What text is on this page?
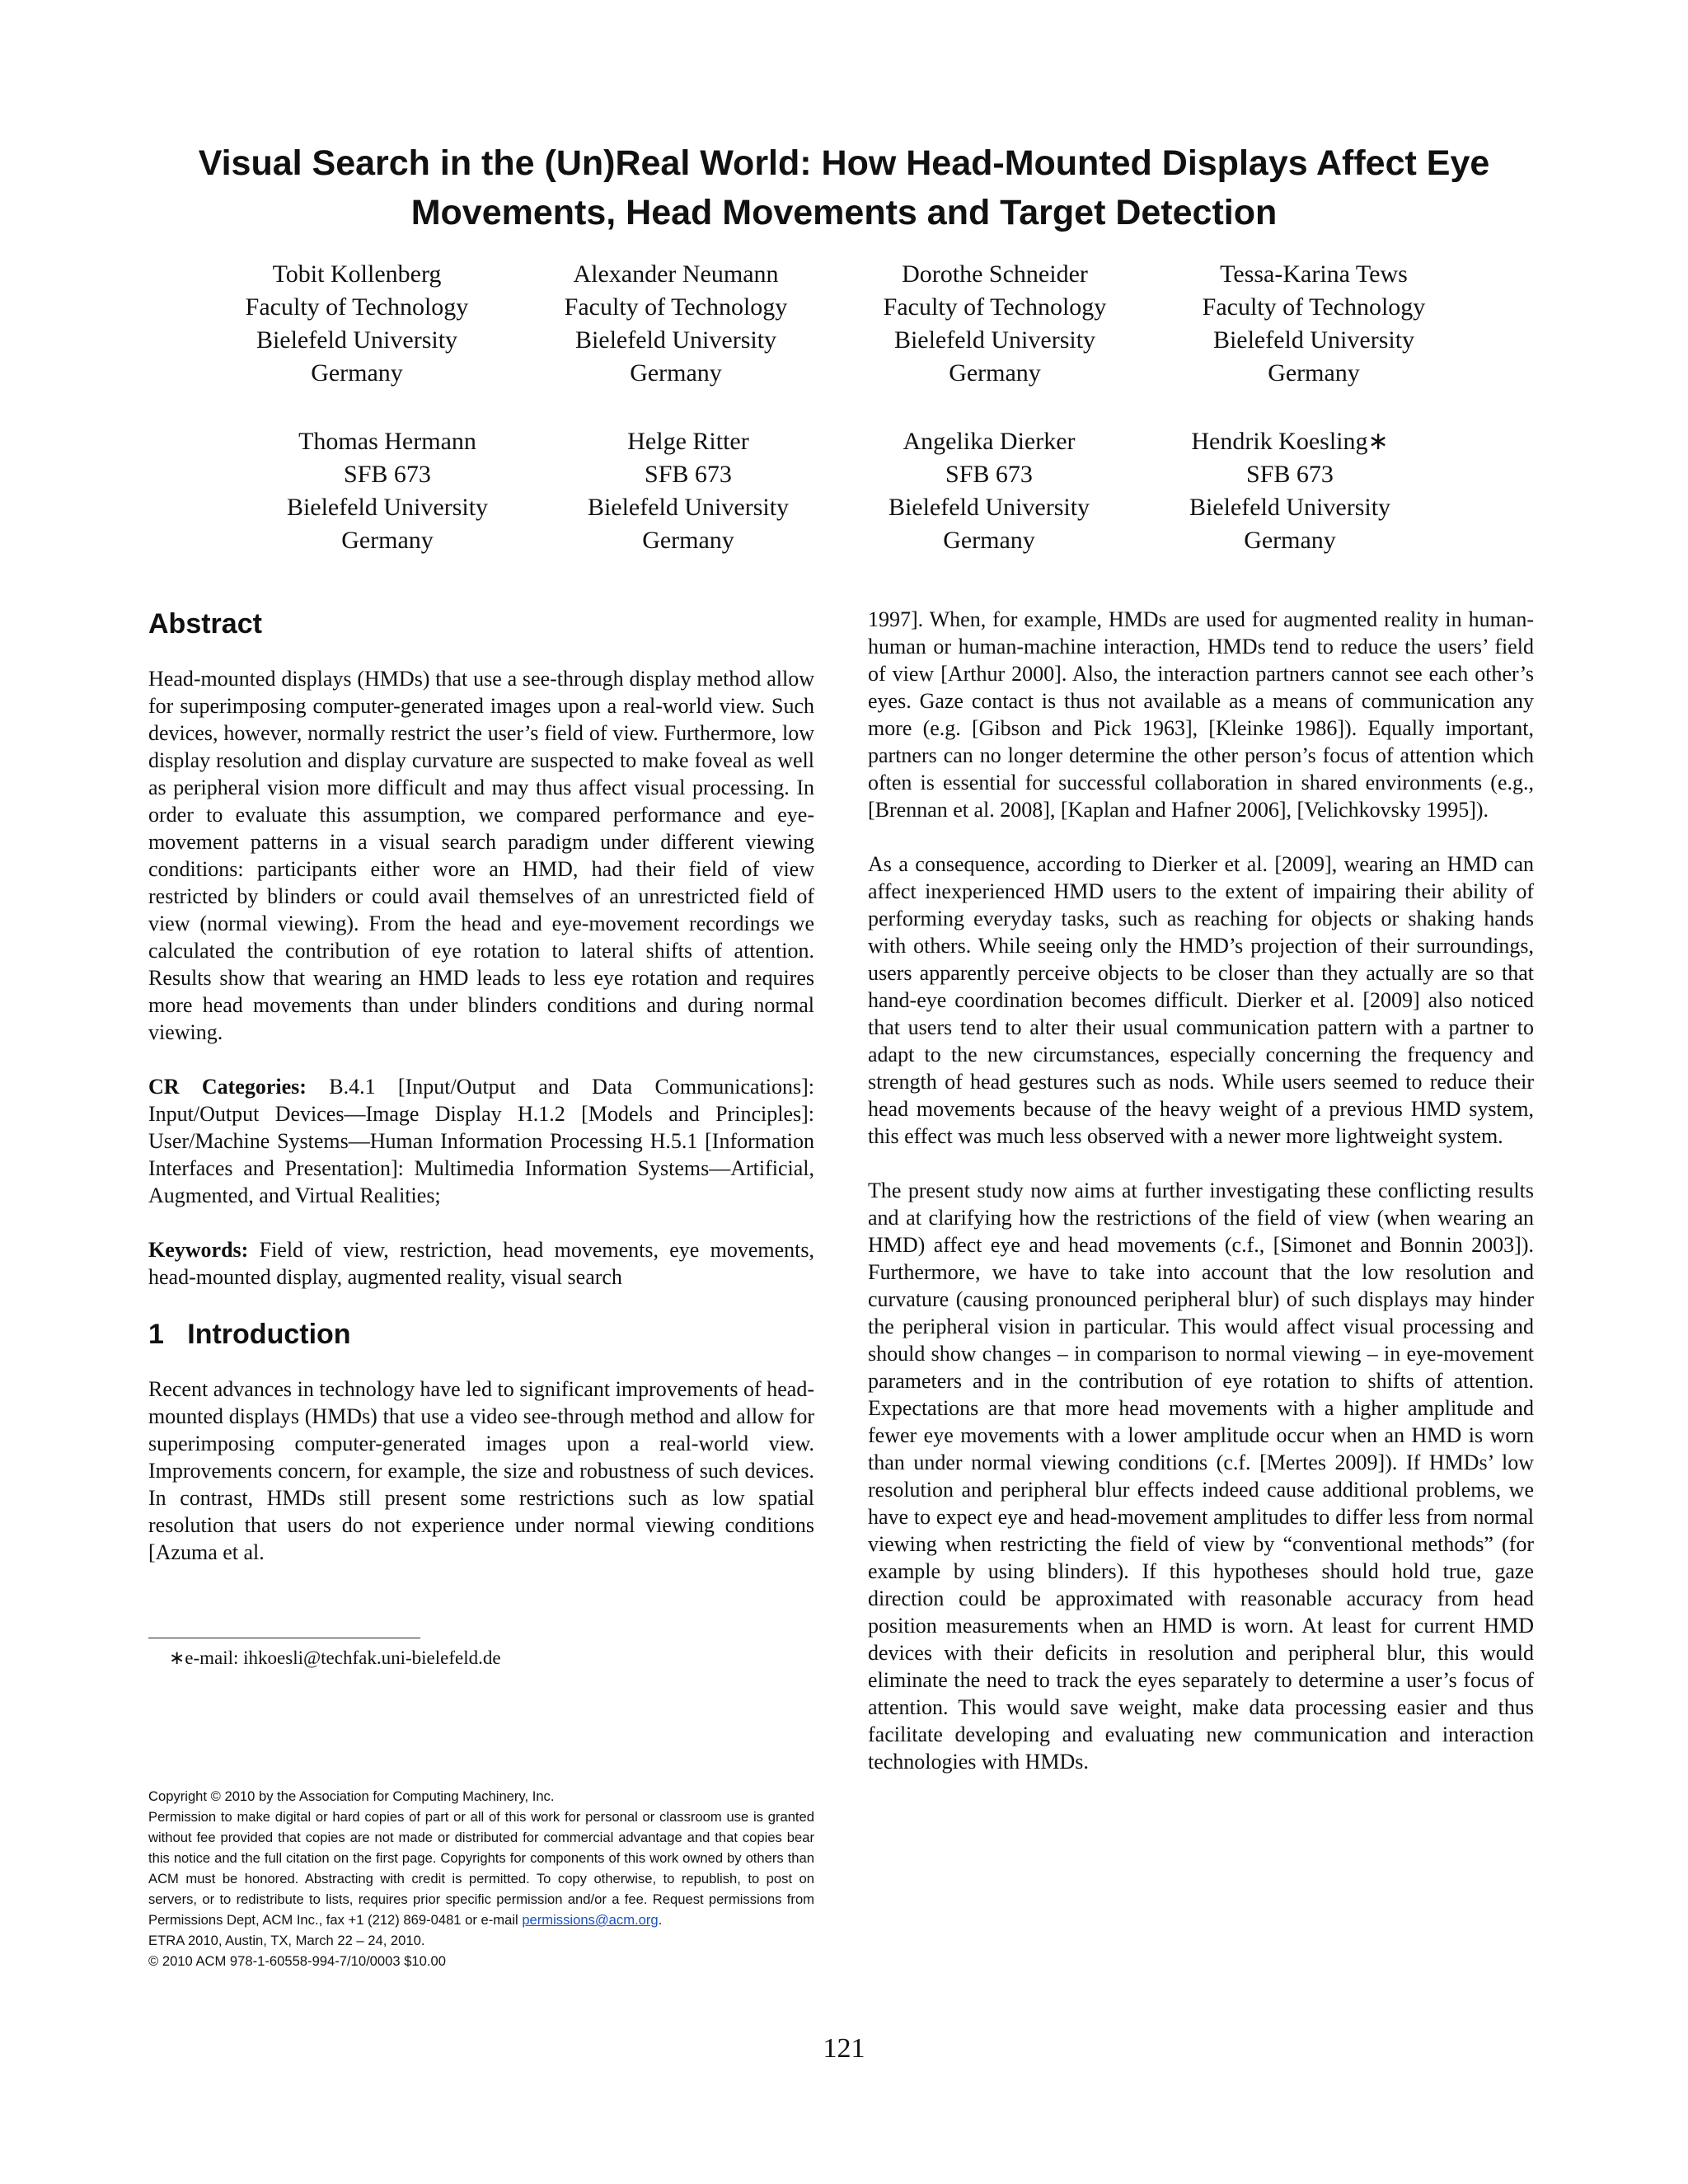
Visual Search in the (Un)Real World: How Head-Mounted Displays Affect Eye
Movements, Head Movements and Target Detection
Tobit Kollenberg
Faculty of Technology
Bielefeld University
Germany
Alexander Neumann
Faculty of Technology
Bielefeld University
Germany
Dorothe Schneider
Faculty of Technology
Bielefeld University
Germany
Tessa-Karina Tews
Faculty of Technology
Bielefeld University
Germany
Thomas Hermann
SFB 673
Bielefeld University
Germany
Helge Ritter
SFB 673
Bielefeld University
Germany
Angelika Dierker
SFB 673
Bielefeld University
Germany
Hendrik Koesling∗
SFB 673
Bielefeld University
Germany
Abstract

Head-mounted displays (HMDs) that use a see-through display method allow for superimposing computer-generated images upon a real-world view. Such devices, however, normally restrict the user’s field of view. Furthermore, low display resolution and display curvature are suspected to make foveal as well as peripheral vision more difficult and may thus affect visual processing. In order to evaluate this assumption, we compared performance and eye-movement patterns in a visual search paradigm under different viewing conditions: participants either wore an HMD, had their field of view restricted by blinders or could avail themselves of an unrestricted field of view (normal viewing). From the head and eye-movement recordings we calculated the contribution of eye rotation to lateral shifts of attention. Results show that wearing an HMD leads to less eye rotation and requires more head movements than under blinders conditions and during normal viewing.

CR Categories: B.4.1 [Input/Output and Data Communications]: Input/Output Devices—Image Display H.1.2 [Models and Principles]: User/Machine Systems—Human Information Processing H.5.1 [Information Interfaces and Presentation]: Multimedia Information Systems—Artificial, Augmented, and Virtual Realities;

Keywords: Field of view, restriction, head movements, eye movements, head-mounted display, augmented reality, visual search

1 Introduction

Recent advances in technology have led to significant improvements of head-mounted displays (HMDs) that use a video see-through method and allow for superimposing computer-generated images upon a real-world view. Improvements concern, for example, the size and robustness of such devices. In contrast, HMDs still present some restrictions such as low spatial resolution that users do not experience under normal viewing conditions [Azuma et al.

∗e-mail: ihkoesli@techfak.uni-bielefeld.de

Copyright © 2010 by the Association for Computing Machinery, Inc.

Permission to make digital or hard copies of part or all of this work for personal or classroom use is granted without fee provided that copies are not made or distributed for commercial advantage and that copies bear this notice and the full citation on the first page. Copyrights for components of this work owned by others than ACM must be honored. Abstracting with credit is permitted. To copy otherwise, to republish, to post on servers, or to redistribute to lists, requires prior specific permission and/or a fee. Request permissions from Permissions Dept, ACM Inc., fax +1 (212) 869-0481 or e-mail permissions@acm.org.

ETRA 2010, Austin, TX, March 22 – 24, 2010.

© 2010 ACM 978-1-60558-994-7/10/0003 $10.00

1997]. When, for example, HMDs are used for augmented reality in human-human or human-machine interaction, HMDs tend to reduce the users’ field of view [Arthur 2000]. Also, the interaction partners cannot see each other’s eyes. Gaze contact is thus not available as a means of communication any more (e.g. [Gibson and Pick 1963], [Kleinke 1986]). Equally important, partners can no longer determine the other person’s focus of attention which often is essential for successful collaboration in shared environments (e.g., [Brennan et al. 2008], [Kaplan and Hafner 2006], [Velichkovsky 1995]).

As a consequence, according to Dierker et al. [2009], wearing an HMD can affect inexperienced HMD users to the extent of impairing their ability of performing everyday tasks, such as reaching for objects or shaking hands with others. While seeing only the HMD’s projection of their surroundings, users apparently perceive objects to be closer than they actually are so that hand-eye coordination becomes difficult. Dierker et al. [2009] also noticed that users tend to alter their usual communication pattern with a partner to adapt to the new circumstances, especially concerning the frequency and strength of head gestures such as nods. While users seemed to reduce their head movements because of the heavy weight of a previous HMD system, this effect was much less observed with a newer more lightweight system.

The present study now aims at further investigating these conflicting results and at clarifying how the restrictions of the field of view (when wearing an HMD) affect eye and head movements (c.f., [Simonet and Bonnin 2003]). Furthermore, we have to take into account that the low resolution and curvature (causing pronounced peripheral blur) of such displays may hinder the peripheral vision in particular. This would affect visual processing and should show changes – in comparison to normal viewing – in eye-movement parameters and in the contribution of eye rotation to shifts of attention. Expectations are that more head movements with a higher amplitude and fewer eye movements with a lower amplitude occur when an HMD is worn than under normal viewing conditions (c.f. [Mertes 2009]). If HMDs’ low resolution and peripheral blur effects indeed cause additional problems, we have to expect eye and head-movement amplitudes to differ less from normal viewing when restricting the field of view by “conventional methods” (for example by using blinders). If this hypotheses should hold true, gaze direction could be approximated with reasonable accuracy from head position measurements when an HMD is worn. At least for current HMD devices with their deficits in resolution and peripheral blur, this would eliminate the need to track the eyes separately to determine a user’s focus of attention. This would save weight, make data processing easier and thus facilitate developing and evaluating new communication and interaction technologies with HMDs.

121
